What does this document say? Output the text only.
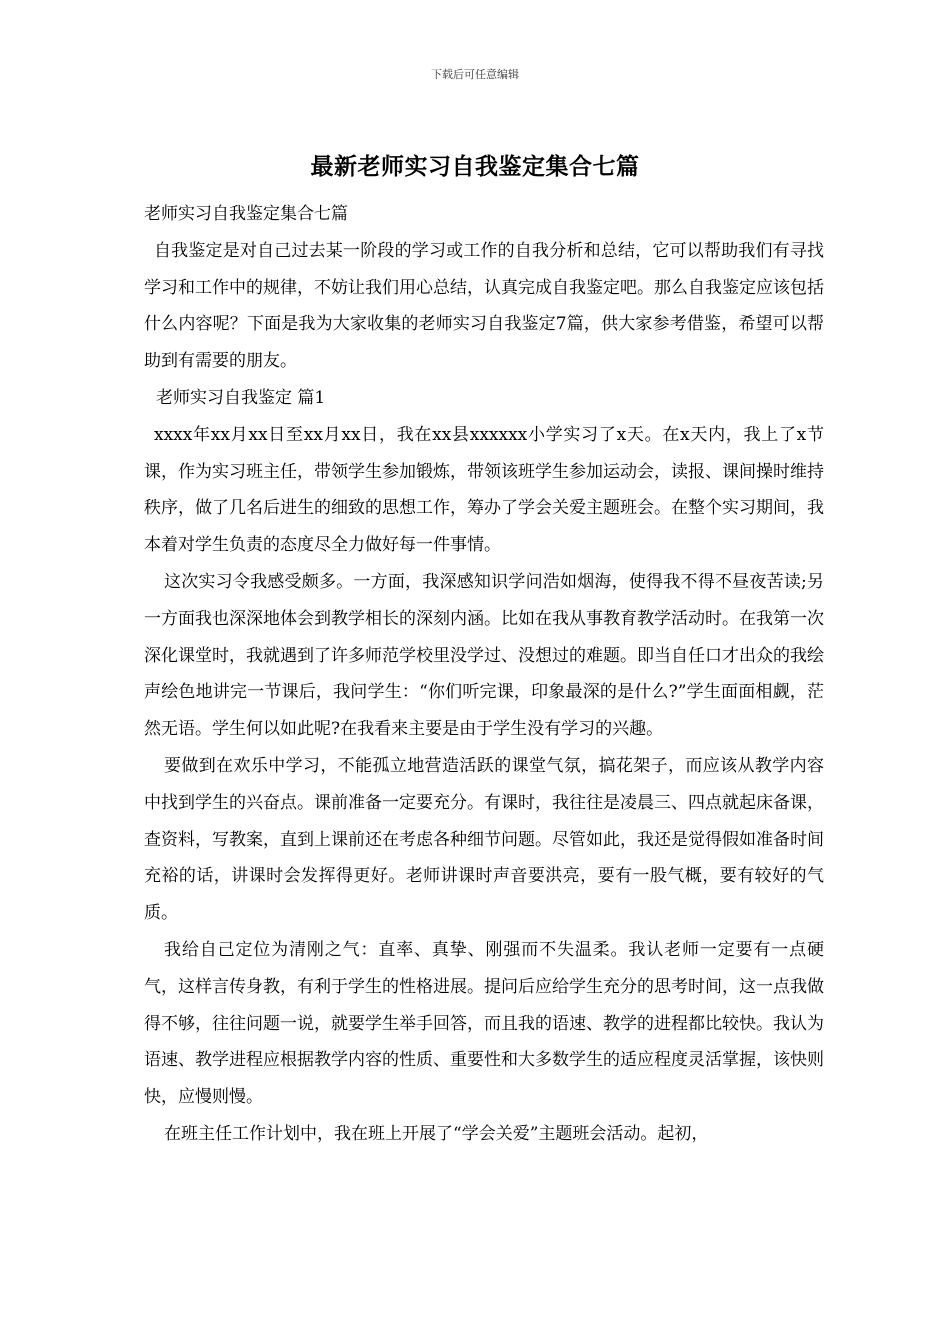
下载后可任意编辑
最新老师实习自我鉴定集合七篇

老师实习自我鉴定集合七篇

自我鉴定是对自己过去某一阶段的学习或工作的自我分析和总结，它可以帮助我们有寻找学习和工作中的规律，不妨让我们用心总结，认真完成自我鉴定吧。那么自我鉴定应该包括什么内容呢？下面是我为大家收集的老师实习自我鉴定7篇，供大家参考借鉴，希望可以帮助到有需要的朋友。

老师实习自我鉴定 篇1

xxxx年xx月xx日至xx月xx日，我在xx县xxxxxx小学实习了x天。在x天内，我上了x节课，作为实习班主任，带领学生参加锻炼，带领该班学生参加运动会，读报、课间操时维持秩序，做了几名后进生的细致的思想工作，筹办了学会关爱主题班会。在整个实习期间，我本着对学生负责的态度尽全力做好每一件事情。

这次实习令我感受颇多。一方面，我深感知识学问浩如烟海，使得我不得不昼夜苦读;另一方面我也深深地体会到教学相长的深刻内涵。比如在我从事教育教学活动时。在我第一次深化课堂时，我就遇到了许多师范学校里没学过、没想过的难题。即当自任口才出众的我绘声绘色地讲完一节课后，我问学生：“你们听完课，印象最深的是什么?”学生面面相觑，茫然无语。学生何以如此呢?在我看来主要是由于学生没有学习的兴趣。

要做到在欢乐中学习，不能孤立地营造活跃的课堂气氛，搞花架子，而应该从教学内容中找到学生的兴奋点。课前准备一定要充分。有课时，我往往是凌晨三、四点就起床备课，查资料，写教案，直到上课前还在考虑各种细节问题。尽管如此，我还是觉得假如准备时间充裕的话，讲课时会发挥得更好。老师讲课时声音要洪亮，要有一股气概，要有较好的气质。

我给自己定位为清刚之气：直率、真挚、刚强而不失温柔。我认老师一定要有一点硬气，这样言传身教，有利于学生的性格进展。提问后应给学生充分的思考时间，这一点我做得不够，往往问题一说，就要学生举手回答，而且我的语速、教学的进程都比较快。我认为语速、教学进程应根据教学内容的性质、重要性和大多数学生的适应程度灵活掌握，该快则快，应慢则慢。

在班主任工作计划中，我在班上开展了“学会关爱”主题班会活动。起初，
